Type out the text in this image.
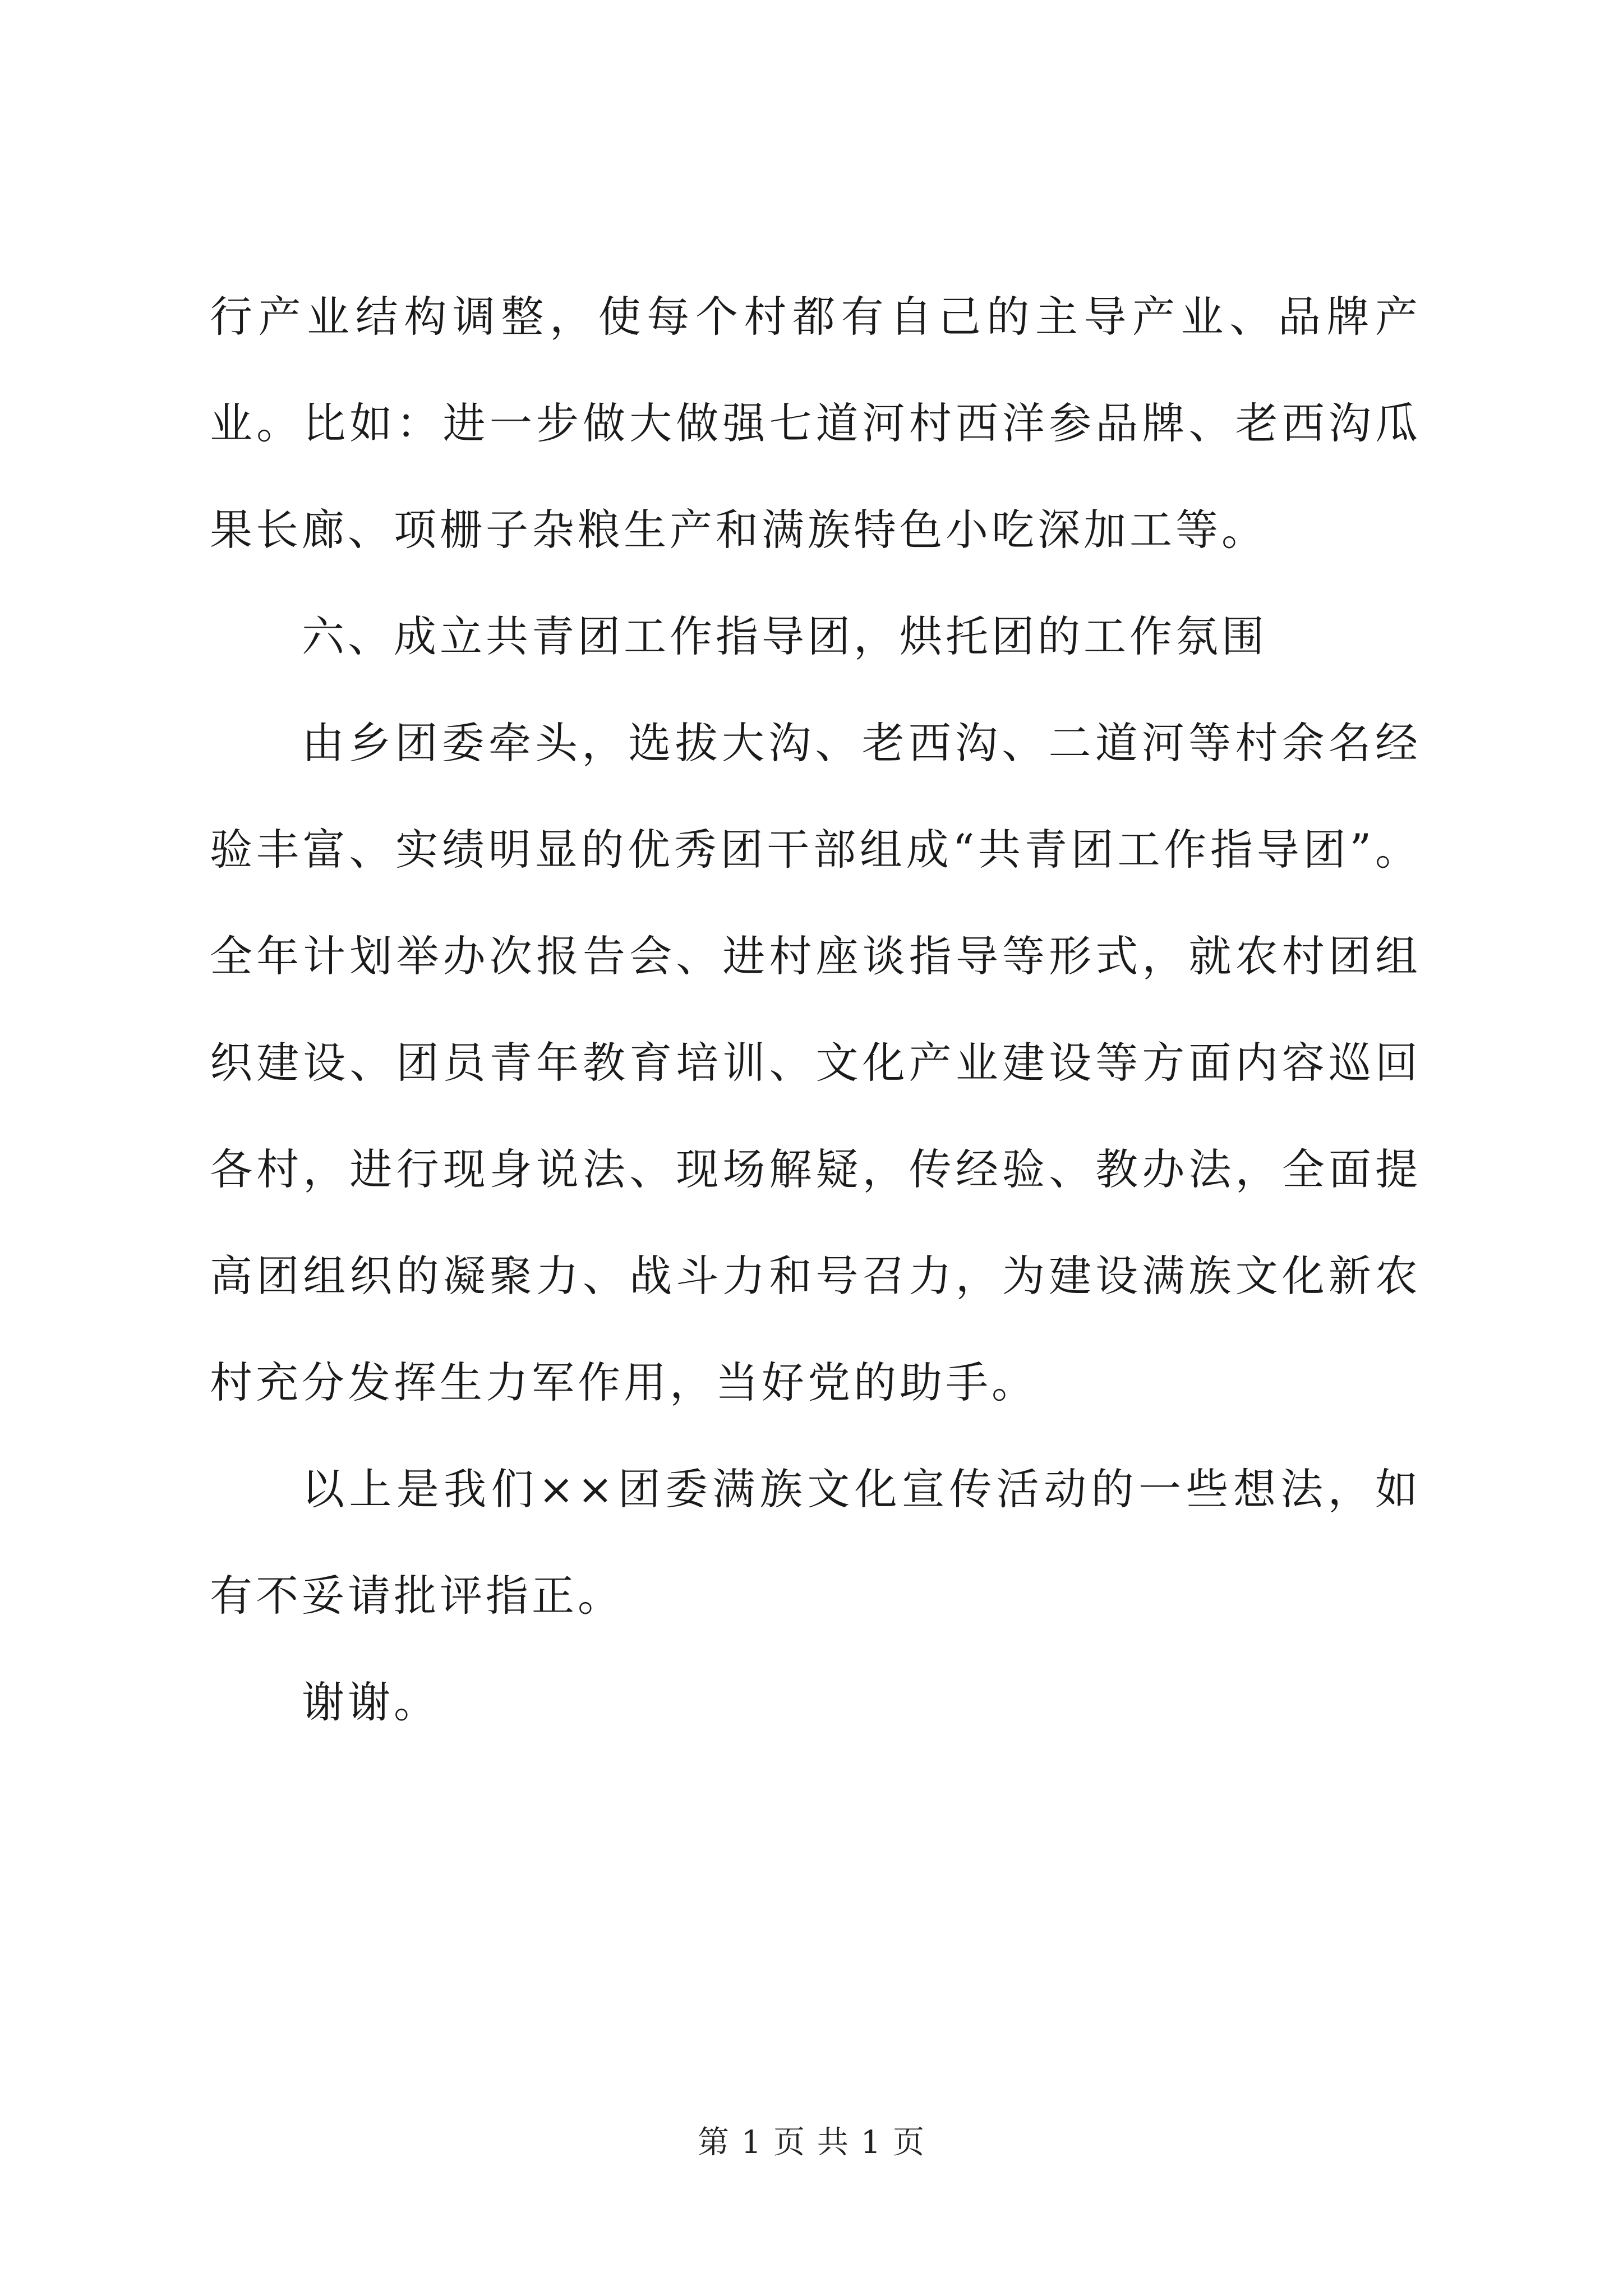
行产业结构调整，使每个村都有自己的主导产业、品牌产业。比如：进一步做大做强七道河村西洋参品牌、老西沟瓜果长廊、项栅子杂粮生产和满族特色小吃深加工等。

六、成立共青团工作指导团，烘托团的工作氛围

由乡团委牵头，选拔大沟、老西沟、二道河等村余名经验丰富、实绩明显的优秀团干部组成“共青团工作指导团”。全年计划举办次报告会、进村座谈指导等形式，就农村团组织建设、团员青年教育培训、文化产业建设等方面内容巡回各村，进行现身说法、现场解疑，传经验、教办法，全面提高团组织的凝聚力、战斗力和号召力，为建设满族文化新农村充分发挥生力军作用，当好党的助手。

以上是我们××团委满族文化宣传活动的一些想法，如有不妥请批评指正。

谢谢。

第 1 页 共 1 页
